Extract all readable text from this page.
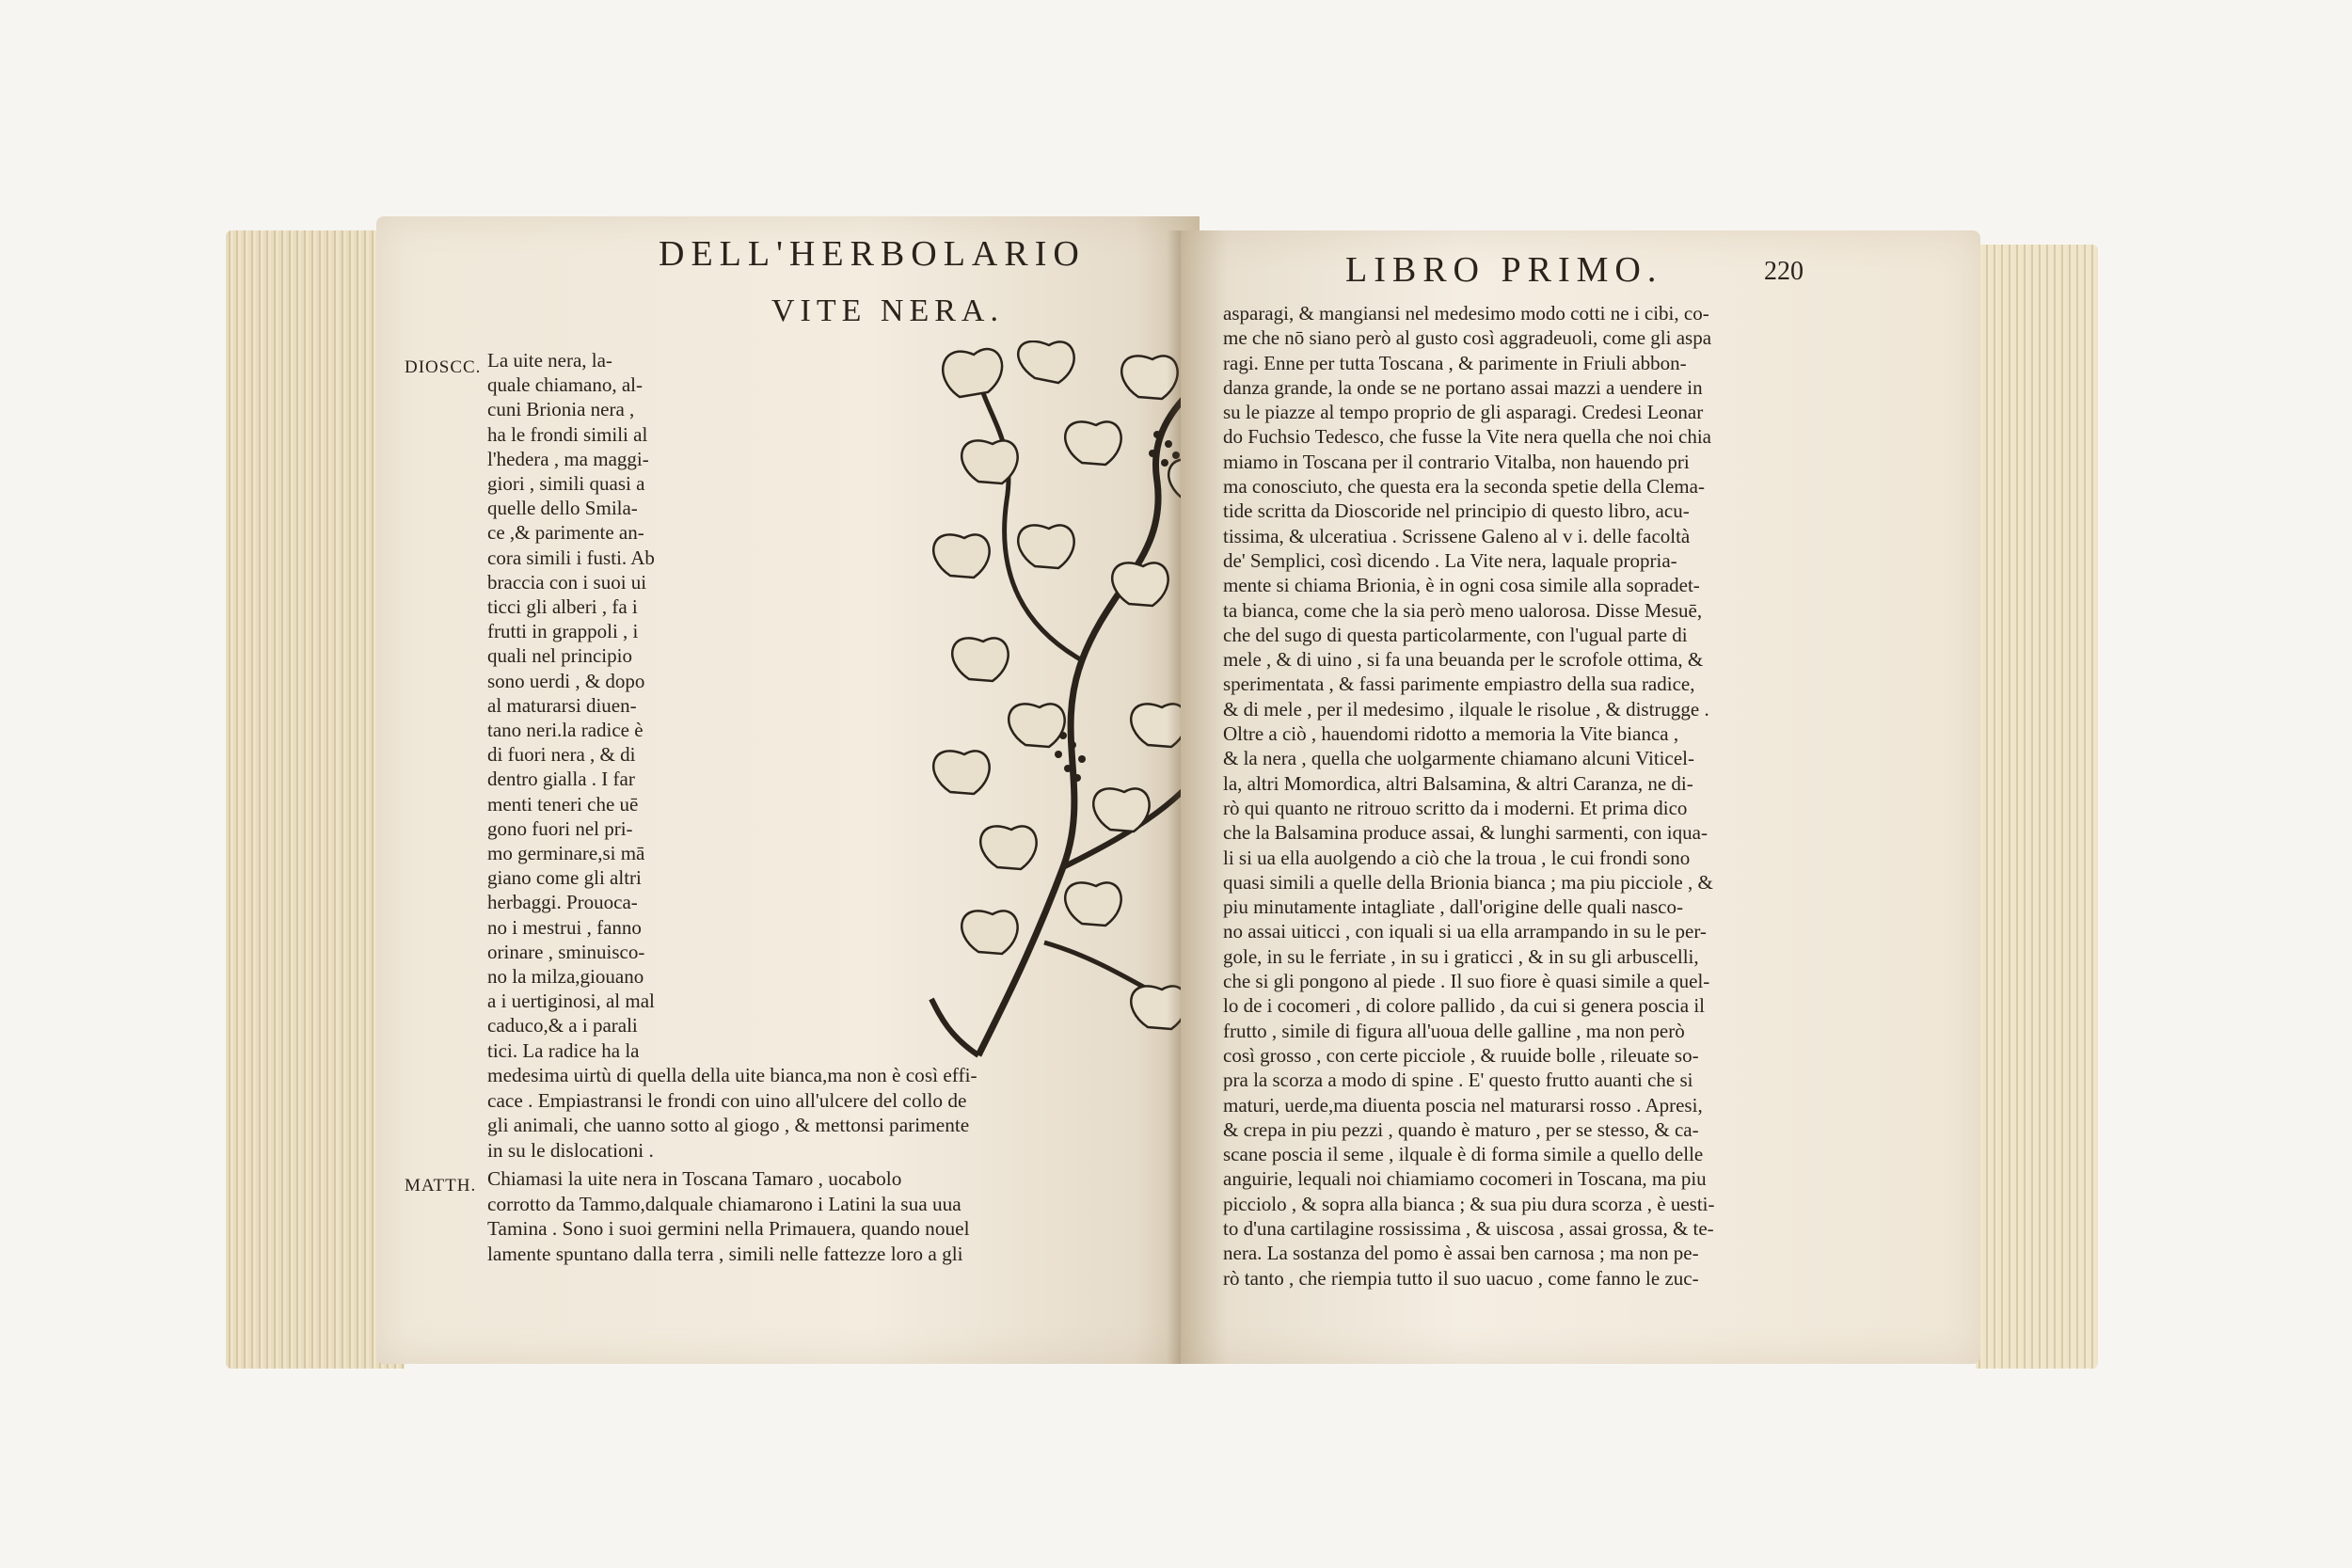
DELL'HERBOLARIO
VITE NERA.
DIOSCC.
MATTH.

La uite nera, la-

quale chiamano, al-

cuni Brionia nera ,

ha le frondi simili al

l'hedera , ma maggi-

giori , simili quasi a

quelle dello Smila-

ce ,& parimente an-

cora simili i fusti. Ab

braccia con i suoi ui

ticci gli alberi , fa i

frutti in grappoli , i

quali nel principio

sono uerdi , & dopo

al maturarsi diuen-

tano neri.la radice è

di fuori nera , & di

dentro gialla . I far

menti teneri che uē

gono fuori nel pri-

mo germinare,si mā

giano come gli altri

herbaggi. Prouoca-

no i mestrui , fanno

orinare , sminuisco-

no la milza,giouano

a i uertiginosi, al mal

caduco,& a i parali

tici. La radice ha la

medesima uirtù di quella della uite bianca,ma non è così effi-

cace . Empiastransi le frondi con uino all'ulcere del collo de

gli animali, che uanno sotto al giogo , & mettonsi parimente

in su le dislocationi .

Chiamasi la uite nera in Toscana Tamaro , uocabolo

corrotto da Tammo,dalquale chiamarono i Latini la sua uua

Tamina . Sono i suoi germini nella Primauera, quando nouel

lamente spuntano dalla terra , simili nelle fattezze loro a gli

LIBRO PRIMO.	220

asparagi, & mangiansi nel medesimo modo cotti ne i cibi, co-

me che nō siano però al gusto così aggradeuoli, come gli aspa

ragi. Enne per tutta Toscana , & parimente in Friuli abbon-

danza grande, la onde se ne portano assai mazzi a uendere in

su le piazze al tempo proprio de gli asparagi. Credesi Leonar

do Fuchsio Tedesco, che fusse la Vite nera quella che noi chia

miamo in Toscana per il contrario Vitalba, non hauendo pri

ma conosciuto, che questa era la seconda spetie della Clema-

tide scritta da Dioscoride nel principio di questo libro, acu-

tissima, & ulceratiua . Scrissene Galeno al v i. delle facoltà

de' Semplici, così dicendo . La Vite nera, laquale propria-

mente si chiama Brionia, è in ogni cosa simile alla sopradet-

ta bianca, come che la sia però meno ualorosa. Disse Mesuē,

che del sugo di questa particolarmente, con l'ugual parte di

mele , & di uino , si fa una beuanda per le scrofole ottima, &

sperimentata , & fassi parimente empiastro della sua radice,

& di mele , per il medesimo , ilquale le risolue , & distrugge .

Oltre a ciò , hauendomi ridotto a memoria la Vite bianca ,

& la nera , quella che uolgarmente chiamano alcuni Viticel-

la, altri Momordica, altri Balsamina, & altri Caranza, ne di-

rò qui quanto ne ritrouo scritto da i moderni. Et prima dico

che la Balsamina produce assai, & lunghi sarmenti, con iqua-

li si ua ella auolgendo a ciò che la troua , le cui frondi sono

quasi simili a quelle della Brionia bianca ; ma piu picciole , &

piu minutamente intagliate , dall'origine delle quali nasco-

no assai uiticci , con iquali si ua ella arrampando in su le per-

gole, in su le ferriate , in su i graticci , & in su gli arbuscelli,

che si gli pongono al piede . Il suo fiore è quasi simile a quel-

lo de i cocomeri , di colore pallido , da cui si genera poscia il

frutto , simile di figura all'uoua delle galline , ma non però

così grosso , con certe picciole , & ruuide bolle , rileuate so-

pra la scorza a modo di spine . E' questo frutto auanti che si

maturi, uerde,ma diuenta poscia nel maturarsi rosso . Apresi,

& crepa in piu pezzi , quando è maturo , per se stesso, & ca-

scane poscia il seme , ilquale è di forma simile a quello delle

anguirie, lequali noi chiamiamo cocomeri in Toscana, ma piu

picciolo , & sopra alla bianca ; & sua piu dura scorza , è uesti-

to d'una cartilagine rossissima , & uiscosa , assai grossa, & te-

nera. La sostanza del pomo è assai ben carnosa ; ma non pe-

rò tanto , che riempia tutto il suo uacuo , come fanno le zuc-
